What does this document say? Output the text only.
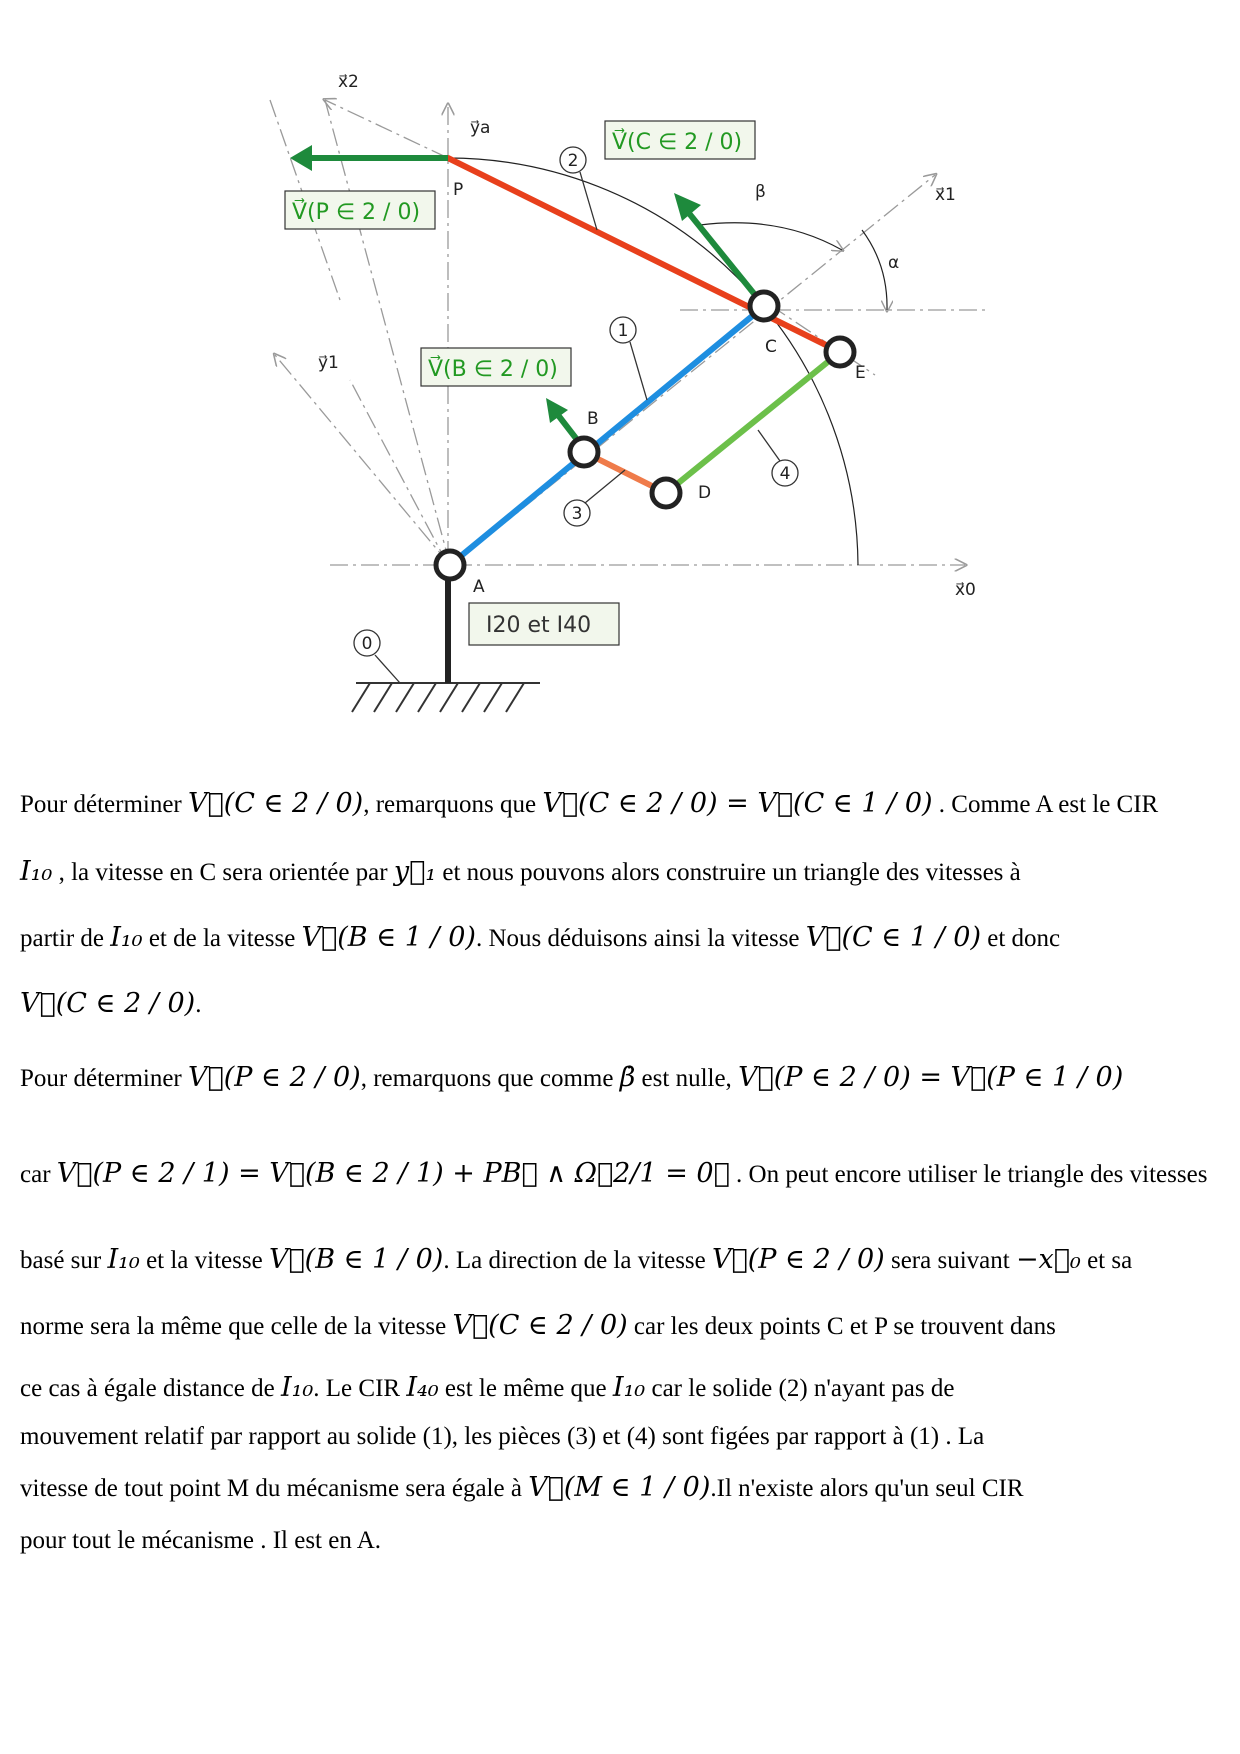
2
1
3
4
0
P
C
E
B
D
A
x⃗2
y⃗a
x⃗1
y⃗1
x⃗0
α
β
V⃗(C ∈ 2 / 0)
V⃗(P ∈ 2 / 0)
V⃗(B ∈ 2 / 0)
I20 et I40
Pour déterminer V⃗(C ∈ 2 / 0), remarquons que V⃗(C ∈ 2 / 0) = V⃗(C ∈ 1 / 0) . Comme A est le CIR
I₁₀ , la vitesse en C sera orientée par y⃗₁ et nous pouvons alors construire un triangle des vitesses à
partir de I₁₀ et de la vitesse V⃗(B ∈ 1 / 0). Nous déduisons ainsi la vitesse V⃗(C ∈ 1 / 0) et donc
V⃗(C ∈ 2 / 0).
Pour déterminer V⃗(P ∈ 2 / 0), remarquons que comme β̇ est nulle, V⃗(P ∈ 2 / 0) = V⃗(P ∈ 1 / 0)
car V⃗(P ∈ 2 / 1) = V⃗(B ∈ 2 / 1) + PB⃗ ∧ Ω⃗2/1 = 0⃗ . On peut encore utiliser le triangle des vitesses
basé sur I₁₀ et la vitesse V⃗(B ∈ 1 / 0). La direction de la vitesse V⃗(P ∈ 2 / 0) sera suivant −x⃗₀ et sa
norme sera la même que celle de la vitesse V⃗(C ∈ 2 / 0) car les deux points C et P se trouvent dans
ce cas à égale distance de I₁₀. Le CIR I₄₀ est le même que I₁₀ car le solide (2) n'ayant pas de
mouvement relatif par rapport au solide (1), les pièces (3) et (4) sont figées par rapport à (1) . La
vitesse de tout point M du mécanisme sera égale à V⃗(M ∈ 1 / 0).Il n'existe alors qu'un seul CIR
pour tout le mécanisme . Il est en A.
